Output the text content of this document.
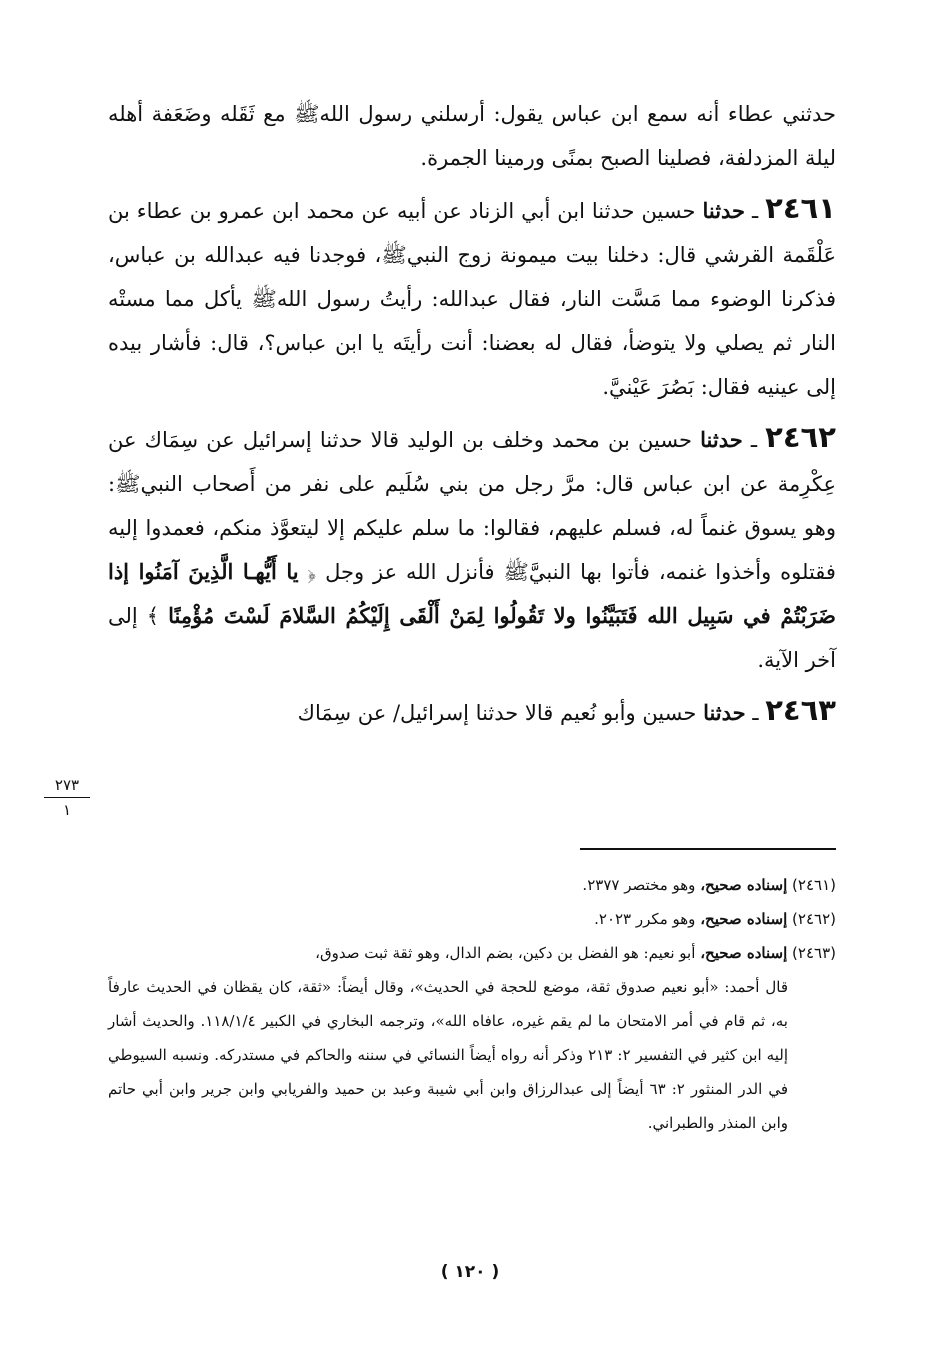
حدثني عطاء أنه سمع ابن عباس يقول: أرسلني رسول اللهﷺ مع ثَقَله وضَعَفة أهله ليلة المزدلفة، فصلينا الصبح بمنًى ورمينا الجمرة.

٢٤٦١ ـ حدثنا حسين حدثنا ابن أبي الزناد عن أبيه عن محمد ابن عمرو بن عطاء بن عَلْقَمة القرشي قال: دخلنا بيت ميمونة زوج النبيﷺ، فوجدنا فيه عبدالله بن عباس، فذكرنا الوضوء مما مَسَّت النار، فقال عبدالله: رأيتُ رسول اللهﷺ يأكل مما مستْه النار ثم يصلي ولا يتوضأ، فقال له بعضنا: أنت رأيتَه يا ابن عباس؟، قال: فأشار بيده إلى عينيه فقال: بَصُرَ عَيْنيَّ.

٢٤٦٢ ـ حدثنا حسين بن محمد وخلف بن الوليد قالا حدثنا إسرائيل عن سِمَاك عن عِكْرِمة عن ابن عباس قال: مرَّ رجل من بني سُلَيم على نفر من أَصحاب النبيﷺ: وهو يسوق غنماً له، فسلم عليهم، فقالوا: ما سلم عليكم إلا ليتعوَّذ منكم، فعمدوا إليه فقتلوه وأخذوا غنمه، فأتوا بها النبيَّﷺ فأنزل الله عز وجل ﴿ يا أَيُّهـا الَّذِينَ آمَنُوا إذا ضَرَبْتُمْ في سَبِيل الله فَتَبَيَّنُوا ولا تَقُولُوا لِمَنْ أَلْقَى إِلَيْكُمُ السَّلامَ لَسْتَ مُؤْمِنًا ﴾ إلى آخر الآية.

٢٤٦٣ ـ حدثنا حسين وأبو نُعيم قالا حدثنا إسرائيل/ عن سِمَاك

٢٧٣
١
(٢٤٦١) إسناده صحيح، وهو مختصر ٢٣٧٧.
(٢٤٦٢) إسناده صحيح، وهو مكرر ٢٠٢٣.
(٢٤٦٣) إسناده صحيح، أبو نعيم: هو الفضل بن دكين، بضم الدال، وهو ثقة ثبت صدوق،

قال أحمد: «أبو نعيم صدوق ثقة، موضع للحجة في الحديث»، وقال أيضاً: «ثقة، كان يقظان في الحديث عارفاً به، ثم قام في أمر الامتحان ما لم يقم غيره، عافاه الله»، وترجمه البخاري في الكبير ١١٨/١/٤. والحديث أشار إليه ابن كثير في التفسير ٢: ٢١٣ وذكر أنه رواه أيضاً النسائي في سننه والحاكم في مستدركه. ونسبه السيوطي في الدر المنثور ٢: ٦٣ أيضاً إلى عبدالرزاق وابن أبي شيبة وعبد بن حميد والفريابي وابن جرير وابن أبي حاتم وابن المنذر والطبراني.

( ١٢٠ )
